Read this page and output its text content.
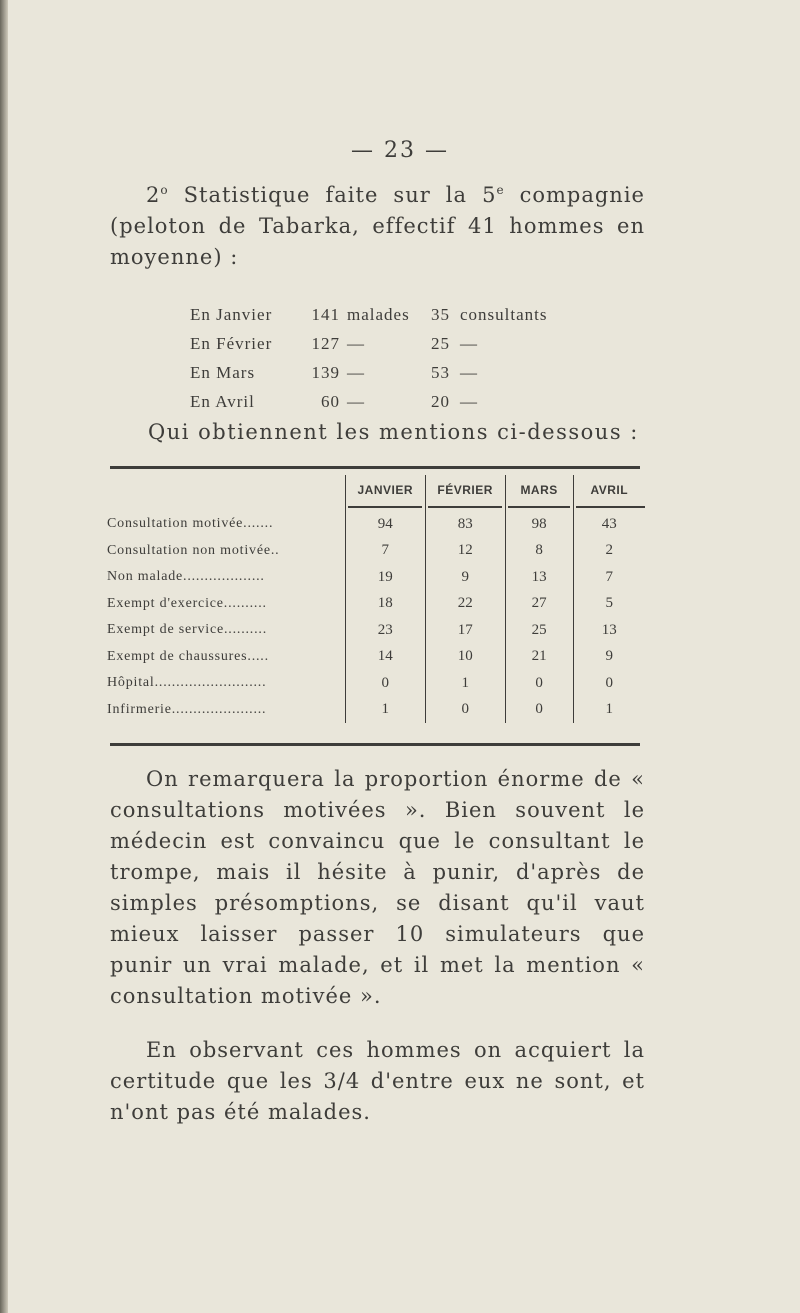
— 23 —

2$^o$ Statistique faite sur la 5e compagnie (peloton de Tabarka, effectif 41 hommes en moyenne) :

En Janvier	141 malades	35 consultants
En Février	127 —	25 —
En Mars	139 —	53 —
En Avril	60 —	20 —
Qui obtiennent les mentions ci-dessous :
	JANVIER	FÉVRIER	MARS	AVRIL
Consultation motivée.......	94	83	98	43
Consultation non motivée..	7	12	8	2
Non malade...................	19	9	13	7
Exempt d'exercice..........	18	22	27	5
Exempt de service..........	23	17	25	13
Exempt de chaussures.....	14	10	21	9
Hôpital..........................	0	1	0	0
Infirmerie......................	1	0	0	1

On remarquera la proportion énorme de « consultations motivées ». Bien souvent le médecin est convaincu que le consultant le trompe, mais il hésite à punir, d'après de simples présomptions, se disant qu'il vaut mieux laisser passer 10 simulateurs que punir un vrai malade, et il met la mention « consultation motivée ».

En observant ces hommes on acquiert la certitude que les 3/4 d'entre eux ne sont, et n'ont pas été malades.
